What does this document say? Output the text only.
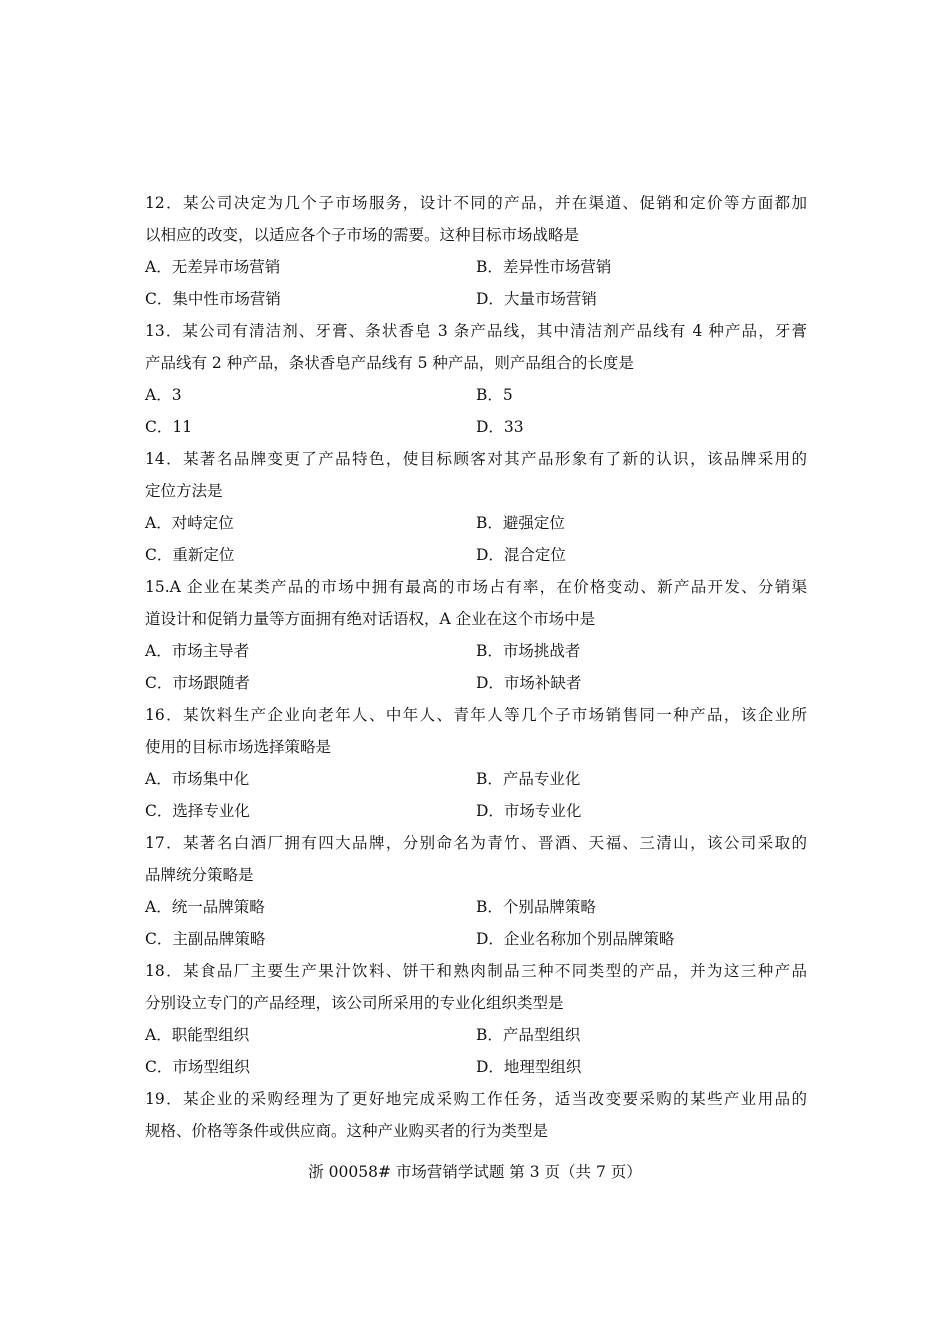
12．某公司决定为几个子市场服务，设计不同的产品，并在渠道、促销和定价等方面都加
以相应的改变，以适应各个子市场的需要。这种目标市场战略是
A．无差异市场营销	B．差异性市场营销
C．集中性市场营销	D．大量市场营销
13．某公司有清洁剂、牙膏、条状香皂 3 条产品线，其中清洁剂产品线有 4 种产品，牙膏
产品线有 2 种产品，条状香皂产品线有 5 种产品，则产品组合的长度是
A．3	B．5
C．11	D．33
14．某著名品牌变更了产品特色，使目标顾客对其产品形象有了新的认识，该品牌采用的
定位方法是
A．对峙定位	B．避强定位
C．重新定位	D．混合定位
15.A 企业在某类产品的市场中拥有最高的市场占有率，在价格变动、新产品开发、分销渠
道设计和促销力量等方面拥有绝对话语权，A 企业在这个市场中是
A．市场主导者	B．市场挑战者
C．市场跟随者	D．市场补缺者
16．某饮料生产企业向老年人、中年人、青年人等几个子市场销售同一种产品，该企业所
使用的目标市场选择策略是
A．市场集中化	B．产品专业化
C．选择专业化	D．市场专业化
17．某著名白酒厂拥有四大品牌，分别命名为青竹、晋酒、天福、三清山，该公司采取的
品牌统分策略是
A．统一品牌策略	B．个别品牌策略
C．主副品牌策略	D．企业名称加个别品牌策略
18．某食品厂主要生产果汁饮料、饼干和熟肉制品三种不同类型的产品，并为这三种产品
分别设立专门的产品经理，该公司所采用的专业化组织类型是
A．职能型组织	B．产品型组织
C．市场型组织	D．地理型组织
19．某企业的采购经理为了更好地完成采购工作任务，适当改变要采购的某些产业用品的
规格、价格等条件或供应商。这种产业购买者的行为类型是
浙 00058# 市场营销学试题 第 3 页（共 7 页）
